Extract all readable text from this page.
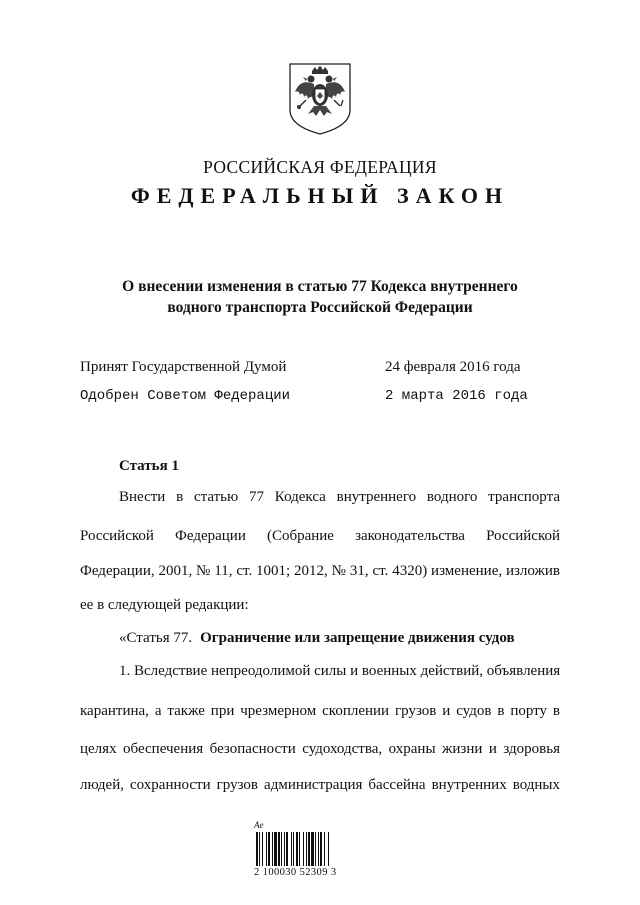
РОССИЙСКАЯ ФЕДЕРАЦИЯ
ФЕДЕРАЛЬНЫЙ ЗАКОН
О внесении изменения в статью 77 Кодекса внутреннего
водного транспорта Российской Федерации
Принят Государственной Думой	24 февраля 2016 года
Одобрен Советом Федерации	2 марта 2016 года
Статья 1
Внести в статью 77 Кодекса внутреннего водного транспорта
Российской Федерации (Собрание законодательства Российской
Федерации, 2001, № 11, ст. 1001; 2012, № 31, ст. 4320) изменение, изложив
ее в следующей редакции:
«Статья 77. Ограничение или запрещение движения судов
1. Вследствие непреодолимой силы и военных действий, объявления
карантина, а также при чрезмерном скоплении грузов и судов в порту в
целях обеспечения безопасности судоходства, охраны жизни и здоровья
людей, сохранности грузов администрация бассейна внутренних водных
Ae
2 100030 52309 3
